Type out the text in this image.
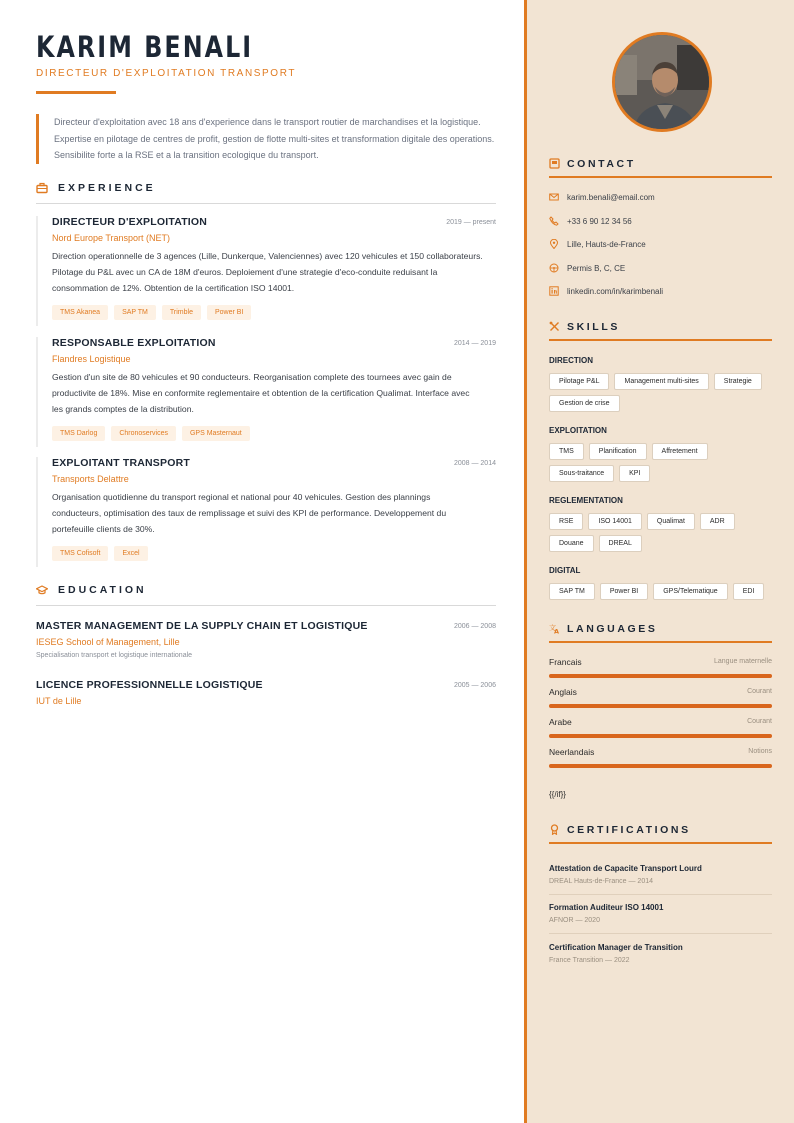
KARIM BENALI
DIRECTEUR D'EXPLOITATION TRANSPORT

Directeur d'exploitation avec 18 ans d'experience dans le transport routier de marchandises et la logistique.

Expertise en pilotage de centres de profit, gestion de flotte multi-sites et transformation digitale des operations.

Sensibilite forte a la RSE et a la transition ecologique du transport.

EXPERIENCE
DIRECTEUR D'EXPLOITATION	2019 — present
Nord Europe Transport (NET)
Direction operationnelle de 3 agences (Lille, Dunkerque, Valenciennes) avec 120 vehicules et 150 collaborateurs.
Pilotage du P&L avec un CA de 18M d'euros. Deploiement d'une strategie d'eco-conduite reduisant la
consommation de 12%. Obtention de la certification ISO 14001.
TMS Akanea	SAP TM	Trimble	Power BI
RESPONSABLE EXPLOITATION	2014 — 2019
Flandres Logistique
Gestion d'un site de 80 vehicules et 90 conducteurs. Reorganisation complete des tournees avec gain de
productivite de 18%. Mise en conformite reglementaire et obtention de la certification Qualimat. Interface avec
les grands comptes de la distribution.
TMS Darlog	Chronoservices	GPS Masternaut
EXPLOITANT TRANSPORT	2008 — 2014
Transports Delattre
Organisation quotidienne du transport regional et national pour 40 vehicules. Gestion des plannings
conducteurs, optimisation des taux de remplissage et suivi des KPI de performance. Developpement du
portefeuille clients de 30%.
TMS Cofisoft	Excel
EDUCATION
MASTER MANAGEMENT DE LA SUPPLY CHAIN ET LOGISTIQUE	2006 — 2008
IESEG School of Management, Lille
Specialisation transport et logistique internationale
LICENCE PROFESSIONNELLE LOGISTIQUE	2005 — 2006
IUT de Lille
CONTACT
karim.benali@email.com
+33 6 90 12 34 56
Lille, Hauts-de-France
Permis B, C, CE
linkedin.com/in/karimbenali
SKILLS
DIRECTION
Pilotage P&L	Management multi-sites	Strategie
Gestion de crise
EXPLOITATION
TMS	Planification	Affretement
Sous-traitance	KPI
REGLEMENTATION
RSE	ISO 14001	Qualimat	ADR
Douane	DREAL
DIGITAL
SAP TM	Power BI	GPS/Telematique	EDI
文
A LANGUAGES
Francais	Langue maternelle
Anglais	Courant
Arabe	Courant
Neerlandais	Notions
{{/if}}
CERTIFICATIONS
Attestation de Capacite Transport Lourd
DREAL Hauts-de-France — 2014
Formation Auditeur ISO 14001
AFNOR — 2020
Certification Manager de Transition
France Transition — 2022
